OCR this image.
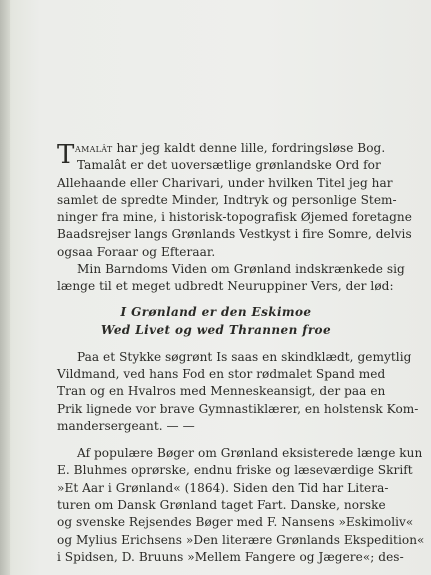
T amalât har jeg kaldt denne lille, fordringsløse Bog.
Tamalât er det uoversætlige grønlandske Ord for
Allehaande eller Charivari, under hvilken Titel jeg har
samlet de spredte Minder, Indtryk og personlige Stem-
ninger fra mine, i historisk-topografisk Øjemed foretagne
Baadsrejser langs Grønlands Vestkyst i fire Somre, delvis
ogsaa Foraar og Efteraar.

Min Barndoms Viden om Grønland indskrænkede sig
længe til et meget udbredt Neuruppiner Vers, der lød:

I Grønland er den Eskimoe
Wed Livet og wed Thrannen froe

Paa et Stykke søgrønt Is saas en skindklædt, gemytlig
Vildmand, ved hans Fod en stor rødmalet Spand med
Tran og en Hvalros med Menneskeansigt, der paa en
Prik lignede vor brave Gymnastiklærer, en holstensk Kom-
mandersergeant. — —

Af populære Bøger om Grønland eksisterede længe kun
E. Bluhmes oprørske, endnu friske og læseværdige Skrift
»Et Aar i Grønland« (1864). Siden den Tid har Litera-
turen om Dansk Grønland taget Fart. Danske, norske
og svenske Rejsendes Bøger med F. Nansens »Eskimoliv«
og Mylius Erichsens »Den literære Grønlands Ekspedition«
i Spidsen, D. Bruuns »Mellem Fangere og Jægere«; des-
